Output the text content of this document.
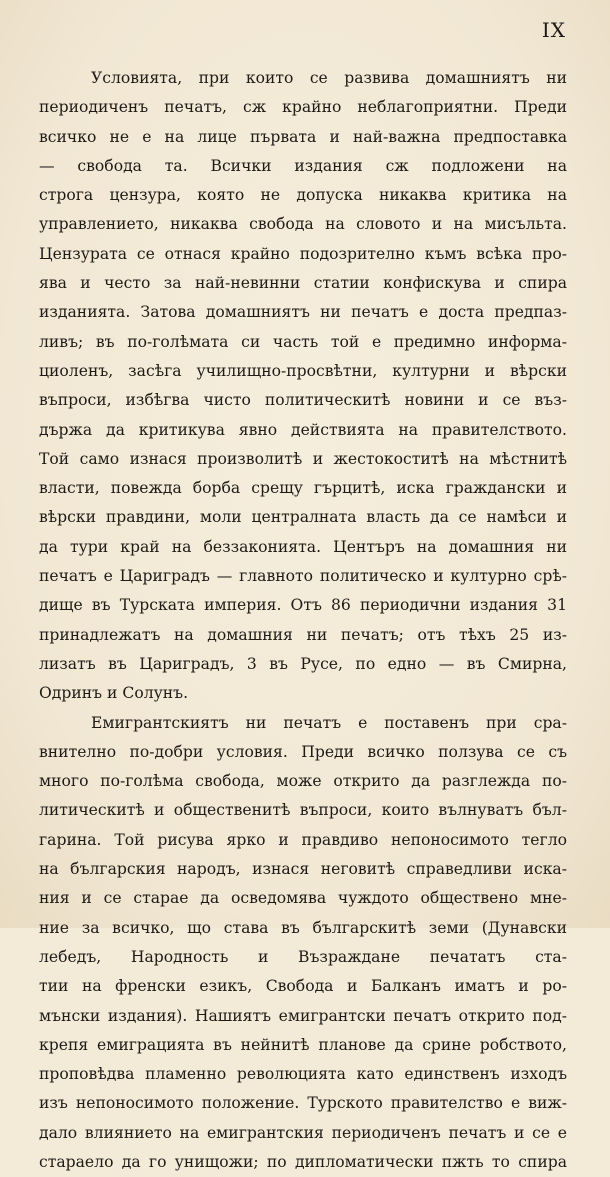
IX
Условията, при които се развива домашниятъ ни
периодиченъ печатъ, сж крайно неблагоприятни. Преди
всичко не е на лице първата и най-важна предпоставка
— свобода та. Всички издания сж подложени на
строга цензура, която не допуска никаква критика на
управлението, никаква свобода на словото и на мисъльта.
Цензурата се отнася крайно подозрително къмъ всѣка про-
ява и често за най-невинни статии конфискува и спира
изданията. Затова домашниятъ ни печатъ е доста предпаз-
ливъ; въ по-голѣмата си часть той е предимно информа-
циоленъ, засѣга училищно-просвѣтни, културни и вѣрски
въпроси, избѣгва чисто политическитѣ новини и се въз-
държа да критикува явно действията на правителството.
Той само изнася произволитѣ и жестокоститѣ на мѣстнитѣ
власти, повежда борба срещу гърцитѣ, иска граждански и
вѣрски правдини, моли централната власть да се намѣси и
да тури край на беззаконията. Центъръ на домашния ни
печатъ е Цариградъ — главното политическо и културно срѣ-
дище въ Турската империя. Отъ 86 периодични издания 31
принадлежатъ на домашния ни печатъ; отъ тѣхъ 25 из-
лизатъ въ Цариградъ, 3 въ Русе, по едно — въ Смирна,
Одринъ и Солунъ.
Емигрантскиятъ ни печатъ е поставенъ при сра-
внително по-добри условия. Преди всичко ползува се съ
много по-голѣма свобода, може открито да разглежда по-
литическитѣ и общественитѣ въпроси, които вълнуватъ бъл-
гарина. Той рисува ярко и правдиво непоносимото тегло
на българския народъ, изнася неговитѣ справедливи иска-
ния и се старае да осведомява чуждото обществено мне-
ние за всичко, що става въ българскитѣ земи (Дунавски
лебедъ, Народность и Възраждане печататъ ста-
тии на френски езикъ, Свобода и Балканъ иматъ и ро-
мънски издания). Нашиятъ емигрантски печатъ открито под-
крепя емиграцията въ нейнитѣ планове да срине робството,
проповѣдва пламенно революцията като единственъ изходъ
изъ непоносимото положение. Турското правителство е виж-
дало влиянието на емигрантския периодиченъ печатъ и се е
стараело да го унищожи; по дипломатически пжть то спира
